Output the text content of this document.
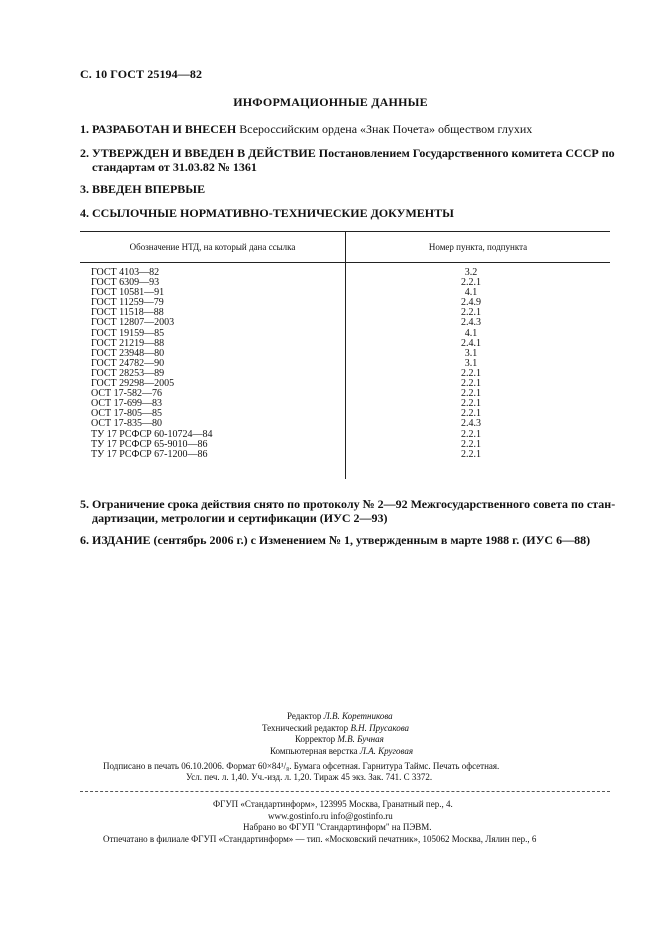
С. 10 ГОСТ 25194—82
ИНФОРМАЦИОННЫЕ ДАННЫЕ
1. РАЗРАБОТАН И ВНЕСЕН Всероссийским ордена «Знак Почета» обществом глухих
2. УТВЕРЖДЕН И ВВЕДЕН В ДЕЙСТВИЕ Постановлением Государственного комитета СССР по
стандартам от 31.03.82 № 1361
3. ВВЕДЕН ВПЕРВЫЕ
4. ССЫЛОЧНЫЕ НОРМАТИВНО-ТЕХНИЧЕСКИЕ ДОКУМЕНТЫ
Обозначение НТД, на который дана ссылка	Номер пункта, подпункта
ГОСТ 4103—82	3.2
ГОСТ 6309—93	2.2.1
ГОСТ 10581—91	4.1
ГОСТ 11259—79	2.4.9
ГОСТ 11518—88	2.2.1
ГОСТ 12807—2003	2.4.3
ГОСТ 19159—85	4.1
ГОСТ 21219—88	2.4.1
ГОСТ 23948—80	3.1
ГОСТ 24782—90	3.1
ГОСТ 28253—89	2.2.1
ГОСТ 29298—2005	2.2.1
ОСТ 17-582—76	2.2.1
ОСТ 17-699—83	2.2.1
ОСТ 17-805—85	2.2.1
ОСТ 17-835—80	2.4.3
ТУ 17 РСФСР 60-10724—84	2.2.1
ТУ 17 РСФСР 65-9010—86	2.2.1
ТУ 17 РСФСР 67-1200—86	2.2.1
5. Ограничение срока действия снято по протоколу № 2—92 Межгосударственного совета по стан-
дартизации, метрологии и сертификации (ИУС 2—93)
6. ИЗДАНИЕ (сентябрь 2006 г.) с Изменением № 1, утвержденным в марте 1988 г. (ИУС 6—88)
Редактор Л.В. Коретникова
Технический редактор В.Н. Прусакова
Корректор М.В. Бучная
Компьютерная верстка Л.А. Круговая
Подписано в печать 06.10.2006. Формат 60×84¹/₈. Бумага офсетная. Гарнитура Таймс. Печать офсетная.
Усл. печ. л. 1,40. Уч.-изд. л. 1,20. Тираж 45 экз. Зак. 741. С 3372.
ФГУП «Стандартинформ», 123995 Москва, Гранатный пер., 4.
www.gostinfo.ru info@gostinfo.ru
Набрано во ФГУП "Стандартинформ" на ПЭВМ.
Отпечатано в филиале ФГУП «Стандартинформ» — тип. «Московский печатник», 105062 Москва, Лялин пер., 6
